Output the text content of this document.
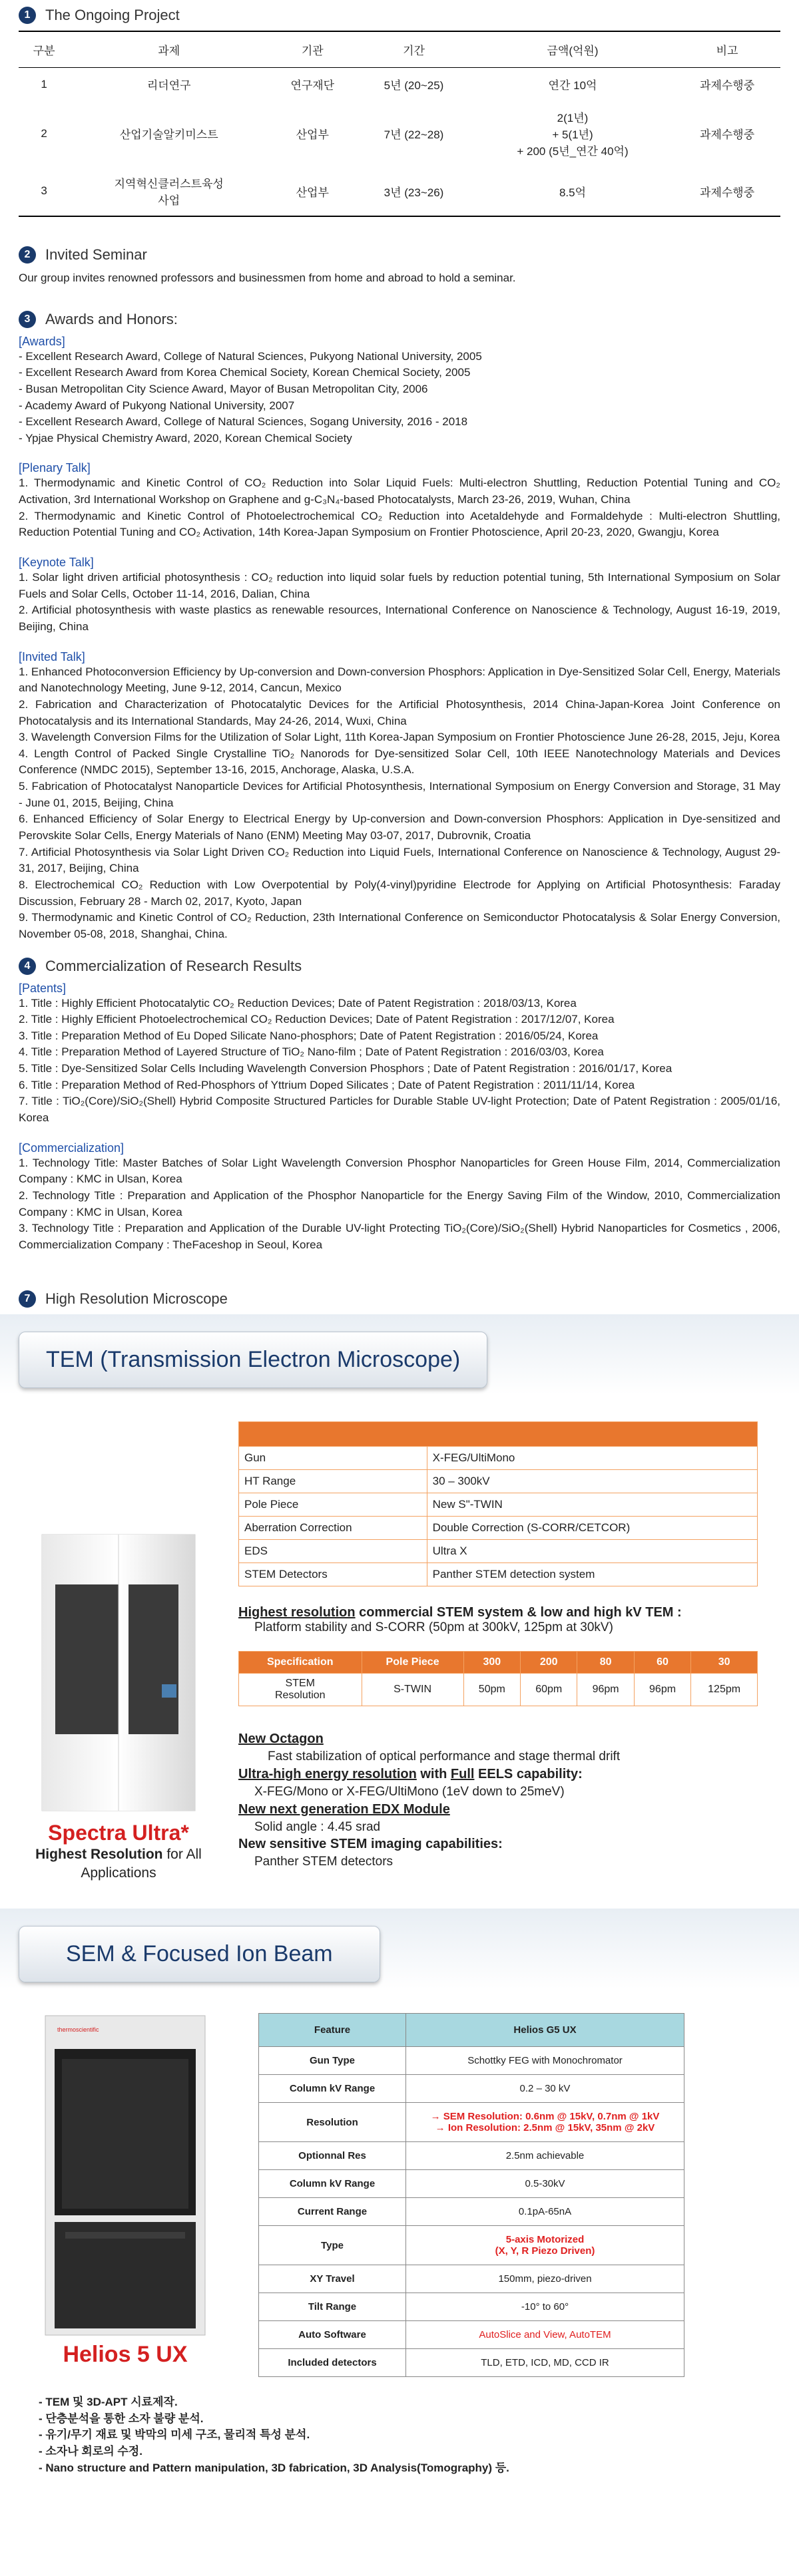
1	The Ongoing Project
구분	과제	기관	기간	금액(억원)	비고
1	리더연구	연구재단	5년 (20~25)	연간 10억	과제수행중
2	산업기술알키미스트	산업부	7년 (22~28)	2(1년)
+ 5(1년)
+ 200 (5년_연간 40억)	과제수행중
3	지역혁신클러스트육성
사업	산업부	3년 (23~26)	8.5억	과제수행중
2	Invited Seminar
Our group invites renowned professors and businessmen from home and abroad to hold a seminar.
3	Awards and Honors:
[Awards]
- Excellent Research Award, College of Natural Sciences, Pukyong National University, 2005
- Excellent Research Award from Korea Chemical Society, Korean Chemical Society, 2005
- Busan Metropolitan City Science Award, Mayor of Busan Metropolitan City, 2006
- Academy Award of Pukyong National University, 2007
- Excellent Research Award, College of Natural Sciences, Sogang University, 2016 - 2018
- Ypjae Physical Chemistry Award, 2020, Korean Chemical Society
[Plenary Talk]
1. Thermodynamic and Kinetic Control of CO₂ Reduction into Solar Liquid Fuels: Multi-electron Shuttling, Reduction Potential Tuning and CO₂ Activation, 3rd International Workshop on Graphene and g-C₃N₄-based Photocatalysts, March 23-26, 2019, Wuhan, China
2. Thermodynamic and Kinetic Control of Photoelectrochemical CO₂ Reduction into Acetaldehyde and Formaldehyde : Multi-electron Shuttling, Reduction Potential Tuning and CO₂ Activation, 14th Korea-Japan Symposium on Frontier Photoscience, April 20-23, 2020, Gwangju, Korea
[Keynote Talk]
1. Solar light driven artificial photosynthesis : CO₂ reduction into liquid solar fuels by reduction potential tuning, 5th International Symposium on Solar Fuels and Solar Cells, October 11-14, 2016, Dalian, China
2. Artificial photosynthesis with waste plastics as renewable resources, International Conference on Nanoscience & Technology, August 16-19, 2019, Beijing, China
[Invited Talk]
1. Enhanced Photoconversion Efficiency by Up-conversion and Down-conversion Phosphors: Application in Dye-Sensitized Solar Cell, Energy, Materials and Nanotechnology Meeting, June 9-12, 2014, Cancun, Mexico
2. Fabrication and Characterization of Photocatalytic Devices for the Artificial Photosynthesis, 2014 China-Japan-Korea Joint Conference on Photocatalysis and its International Standards, May 24-26, 2014, Wuxi, China
3. Wavelength Conversion Films for the Utilization of Solar Light, 11th Korea-Japan Symposium on Frontier Photoscience June 26-28, 2015, Jeju, Korea
4. Length Control of Packed Single Crystalline TiO₂ Nanorods for Dye-sensitized Solar Cell, 10th IEEE Nanotechnology Materials and Devices Conference (NMDC 2015), September 13-16, 2015, Anchorage, Alaska, U.S.A.
5. Fabrication of Photocatalyst Nanoparticle Devices for Artificial Photosynthesis, International Symposium on Energy Conversion and Storage, 31 May - June 01, 2015, Beijing, China
6. Enhanced Efficiency of Solar Energy to Electrical Energy by Up-conversion and Down-conversion Phosphors: Application in Dye-sensitized and Perovskite Solar Cells, Energy Materials of Nano (ENM) Meeting May 03-07, 2017, Dubrovnik, Croatia
7. Artificial Photosynthesis via Solar Light Driven CO₂ Reduction into Liquid Fuels, International Conference on Nanoscience & Technology, August 29-31, 2017, Beijing, China
8. Electrochemical CO₂ Reduction with Low Overpotential by Poly(4-vinyl)pyridine Electrode for Applying on Artificial Photosynthesis: Faraday Discussion, February 28 - March 02, 2017, Kyoto, Japan
9. Thermodynamic and Kinetic Control of CO₂ Reduction, 23th International Conference on Semiconductor Photocatalysis & Solar Energy Conversion, November 05-08, 2018, Shanghai, China.
4	Commercialization of Research Results
[Patents]
1. Title : Highly Efficient Photocatalytic CO₂ Reduction Devices; Date of Patent Registration : 2018/03/13, Korea
2. Title : Highly Efficient Photoelectrochemical CO₂ Reduction Devices; Date of Patent Registration : 2017/12/07, Korea
3. Title : Preparation Method of Eu Doped Silicate Nano-phosphors; Date of Patent Registration : 2016/05/24, Korea
4. Title : Preparation Method of Layered Structure of TiO₂ Nano-film ; Date of Patent Registration : 2016/03/03, Korea
5. Title : Dye-Sensitized Solar Cells Including Wavelength Conversion Phosphors ; Date of Patent Registration : 2016/01/17, Korea
6. Title : Preparation Method of Red-Phosphors of Yttrium Doped Silicates ; Date of Patent Registration : 2011/11/14, Korea
7. Title : TiO₂(Core)/SiO₂(Shell) Hybrid Composite Structured Particles for Durable Stable UV-light Protection; Date of Patent Registration : 2005/01/16, Korea
[Commercialization]
1. Technology Title: Master Batches of Solar Light Wavelength Conversion Phosphor Nanoparticles for Green House Film, 2014, Commercialization Company : KMC in Ulsan, Korea
2. Technology Title : Preparation and Application of the Phosphor Nanoparticle for the Energy Saving Film of the Window, 2010, Commercialization Company : KMC in Ulsan, Korea
3. Technology Title : Preparation and Application of the Durable UV-light Protecting TiO₂(Core)/SiO₂(Shell) Hybrid Nanoparticles for Cosmetics , 2006, Commercialization Company : TheFaceshop in Seoul, Korea
7	High Resolution Microscope
TEM (Transmission Electron Microscope)
Spectra Ultra*
Highest Resolution for All Applications

Gun	X-FEG/UltiMono
HT Range	30 – 300kV
Pole Piece	New S"-TWIN
Aberration Correction	Double Correction (S-CORR/CETCOR)
EDS	Ultra X
STEM Detectors	Panther STEM detection system
Highest resolution commercial STEM system & low and high kV TEM :
Platform stability and S-CORR (50pm at 300kV, 125pm at 30kV)
Specification	Pole Piece	300	200	80	60	30
STEM
Resolution	S-TWIN	50pm	60pm	96pm	96pm	125pm
New Octagon
Fast stabilization of optical performance and stage thermal drift
Ultra-high energy resolution with Full EELS capability:
X-FEG/Mono or X-FEG/UltiMono (1eV down to 25meV)
New next generation EDX Module
Solid angle : 4.45 srad
New sensitive STEM imaging capabilities:
Panther STEM detectors
SEM & Focused Ion Beam
thermoscientific
Helios 5 UX
Feature	Helios G5 UX
Gun Type	Schottky FEG with Monochromator
Column kV Range	0.2 – 30 kV
Resolution	→ SEM Resolution: 0.6nm @ 15kV, 0.7nm @ 1kV
→ Ion Resolution: 2.5nm @ 15kV, 35nm @ 2kV
Optionnal Res	2.5nm achievable
Column kV Range	0.5-30kV
Current Range	0.1pA-65nA
Type	5-axis Motorized
(X, Y, R Piezo Driven)
XY Travel	150mm, piezo-driven
Tilt Range	-10° to 60°
Auto Software	AutoSlice and View, AutoTEM
Included detectors	TLD, ETD, ICD, MD, CCD IR
- TEM 및 3D-APT 시료제작.
- 단층분석을 통한 소자 불량 분석.
- 유기/무기 재료 및 박막의 미세 구조, 물리적 특성 분석.
- 소자나 회로의 수정.
- Nano structure and Pattern manipulation, 3D fabrication, 3D Analysis(Tomography) 등.
